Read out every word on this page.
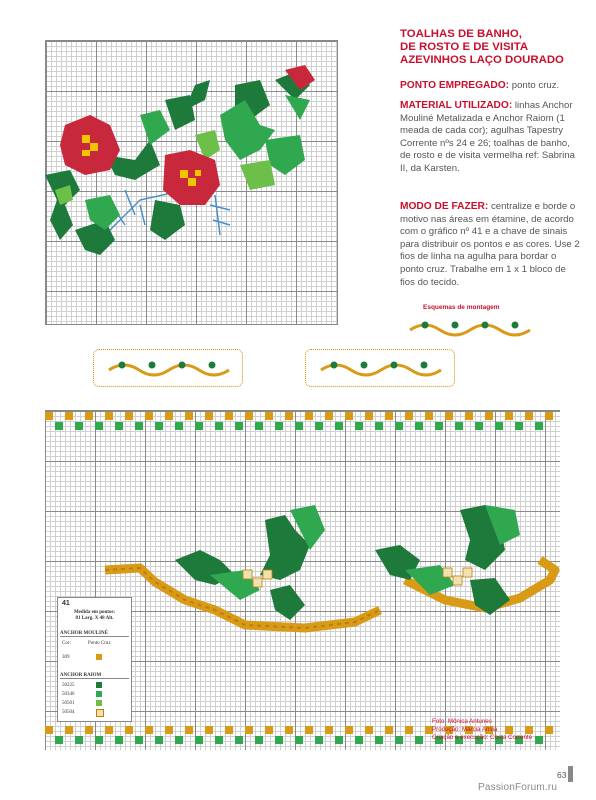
TOALHAS DE BANHO,
DE ROSTO E DE VISITA
AZEVINHOS LAÇO DOURADO

PONTO EMPREGADO: ponto cruz.

MATERIAL UTILIZADO: linhas Anchor Mouliné Metalizada e Anchor Raiom (1 meada de cada cor); agulhas Tapestry Corrente nºs 24 e 26; toalhas de banho, de rosto e de visita vermelha ref: Sabrina II, da Karsten.

MODO DE FAZER: centralize e borde o motivo nas áreas em étamine, de acordo com o gráfico nº 41 e a chave de sinais para distribuir os pontos e as cores. Use 2 fios de linha na agulha para bordar o ponto cruz. Trabalhe em 1 x 1 bloco de fios do tecido.

Esquemas de montagem
41
Medida em pontos:
81 Larg. X 48 Alt.
ANCHOR MOULINÉ
Cor:	Ponto Cruz
309
ANCHOR RAIOM
50225
50346
50501
50504
Foto: Mônica Antunes
Produção: Márcia Ansia
Criação e execução: Costa Corrente
63
PassionForum.ru
